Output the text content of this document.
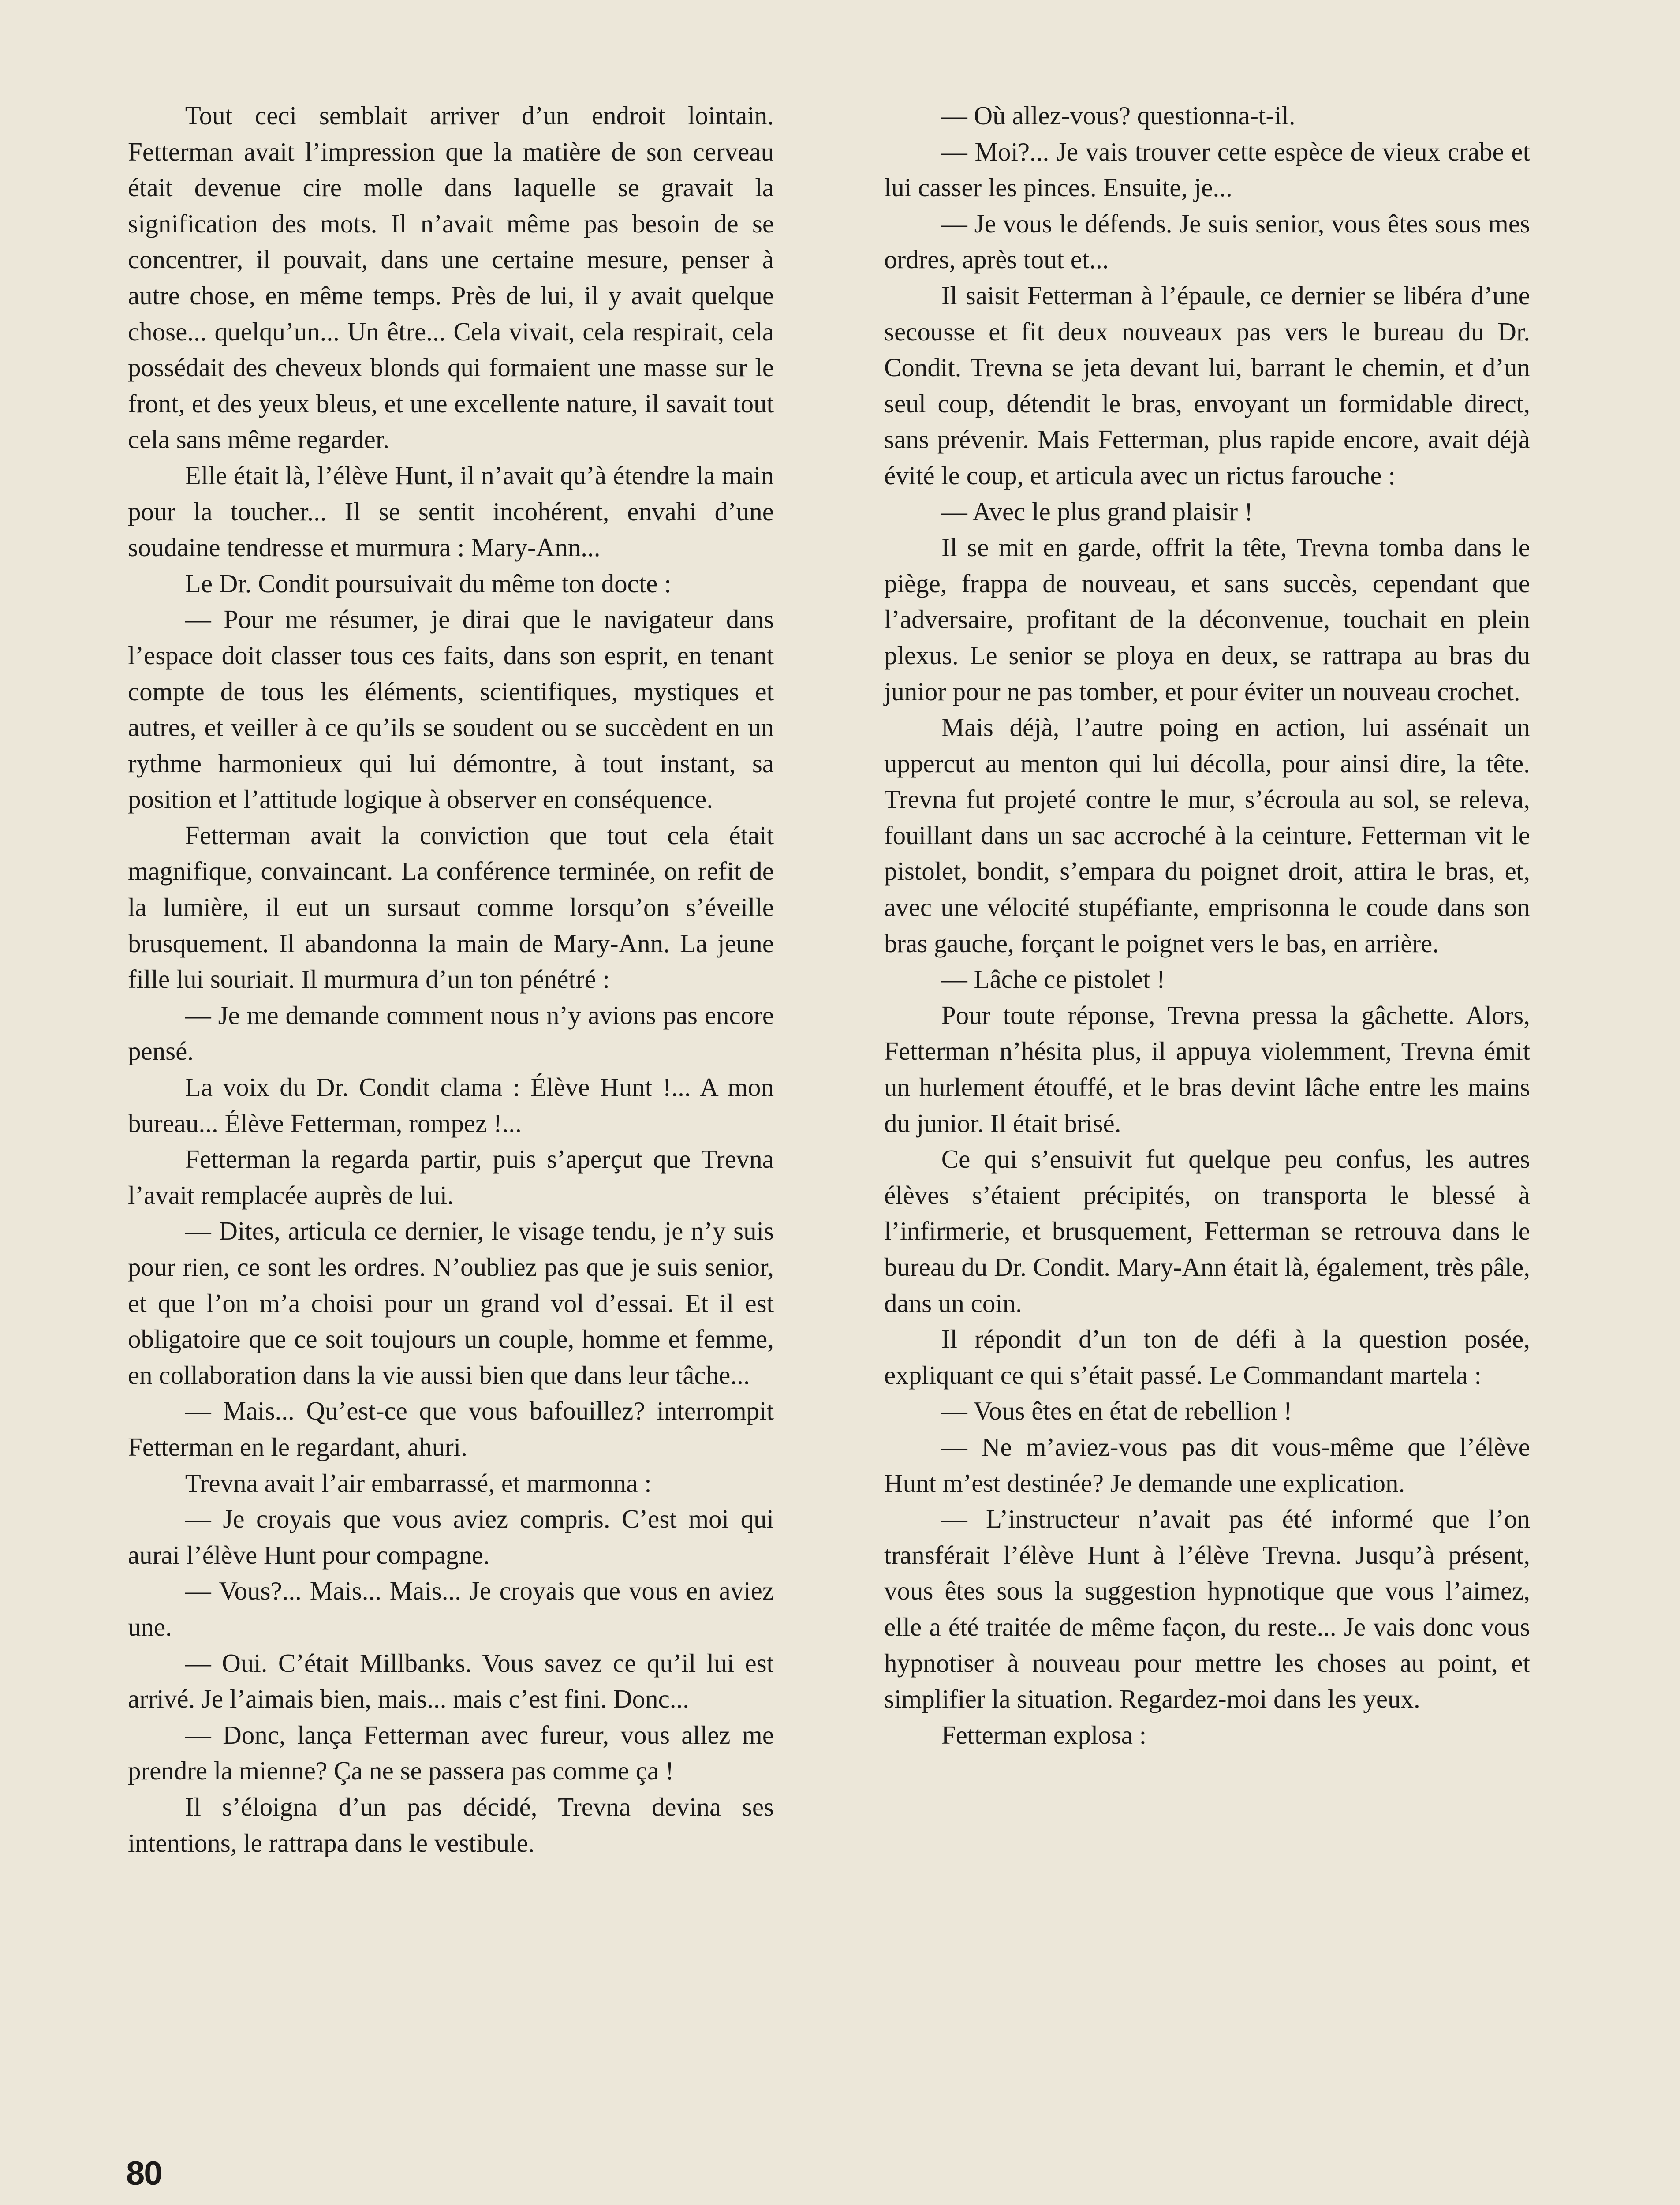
Tout ceci semblait arriver d’un endroit lointain. Fetterman avait l’impression que la matière de son cerveau était devenue cire molle dans laquelle se gravait la signification des mots. Il n’avait même pas besoin de se concentrer, il pouvait, dans une certaine mesure, penser à autre chose, en même temps. Près de lui, il y avait quelque chose... quelqu’un... Un être... Cela vivait, cela respirait, cela possédait des cheveux blonds qui formaient une masse sur le front, et des yeux bleus, et une excellente nature, il savait tout cela sans même regarder.

Elle était là, l’élève Hunt, il n’avait qu’à étendre la main pour la toucher... Il se sentit incohérent, envahi d’une soudaine tendresse et murmura : Mary-Ann...

Le Dr. Condit poursuivait du même ton docte :

— Pour me résumer, je dirai que le navigateur dans l’espace doit classer tous ces faits, dans son esprit, en tenant compte de tous les éléments, scientifiques, mystiques et autres, et veiller à ce qu’ils se soudent ou se succèdent en un rythme harmonieux qui lui démontre, à tout instant, sa position et l’attitude logique à observer en conséquence.

Fetterman avait la conviction que tout cela était magnifique, convaincant. La conférence terminée, on refit de la lumière, il eut un sursaut comme lorsqu’on s’éveille brusquement. Il abandonna la main de Mary-Ann. La jeune fille lui souriait. Il murmura d’un ton pénétré :

— Je me demande comment nous n’y avions pas encore pensé.

La voix du Dr. Condit clama : Élève Hunt !... A mon bureau... Élève Fetterman, rompez !...

Fetterman la regarda partir, puis s’aperçut que Trevna l’avait remplacée auprès de lui.

— Dites, articula ce dernier, le visage tendu, je n’y suis pour rien, ce sont les ordres. N’oubliez pas que je suis senior, et que l’on m’a choisi pour un grand vol d’essai. Et il est obligatoire que ce soit toujours un couple, homme et femme, en collaboration dans la vie aussi bien que dans leur tâche...

— Mais... Qu’est-ce que vous bafouillez? interrompit Fetterman en le regardant, ahuri.

Trevna avait l’air embarrassé, et marmonna :

— Je croyais que vous aviez compris. C’est moi qui aurai l’élève Hunt pour compagne.

— Vous?... Mais... Mais... Je croyais que vous en aviez une.

— Oui. C’était Millbanks. Vous savez ce qu’il lui est arrivé. Je l’aimais bien, mais... mais c’est fini. Donc...

— Donc, lança Fetterman avec fureur, vous allez me prendre la mienne? Ça ne se passera pas comme ça !

Il s’éloigna d’un pas décidé, Trevna devina ses intentions, le rattrapa dans le vestibule.

— Où allez-vous? questionna-t-il.

— Moi?... Je vais trouver cette espèce de vieux crabe et lui casser les pinces. Ensuite, je...

— Je vous le défends. Je suis senior, vous êtes sous mes ordres, après tout et...

Il saisit Fetterman à l’épaule, ce dernier se libéra d’une secousse et fit deux nouveaux pas vers le bureau du Dr. Condit. Trevna se jeta devant lui, barrant le chemin, et d’un seul coup, détendit le bras, envoyant un formidable direct, sans prévenir. Mais Fetterman, plus rapide encore, avait déjà évité le coup, et articula avec un rictus farouche :

— Avec le plus grand plaisir !

Il se mit en garde, offrit la tête, Trevna tomba dans le piège, frappa de nouveau, et sans succès, cependant que l’adversaire, profitant de la déconvenue, touchait en plein plexus. Le senior se ploya en deux, se rattrapa au bras du junior pour ne pas tomber, et pour éviter un nouveau crochet.

Mais déjà, l’autre poing en action, lui assénait un uppercut au menton qui lui décolla, pour ainsi dire, la tête. Trevna fut projeté contre le mur, s’écroula au sol, se releva, fouillant dans un sac accroché à la ceinture. Fetterman vit le pistolet, bondit, s’empara du poignet droit, attira le bras, et, avec une vélocité stupéfiante, emprisonna le coude dans son bras gauche, forçant le poignet vers le bas, en arrière.

— Lâche ce pistolet !

Pour toute réponse, Trevna pressa la gâchette. Alors, Fetterman n’hésita plus, il appuya violemment, Trevna émit un hurlement étouffé, et le bras devint lâche entre les mains du junior. Il était brisé.

Ce qui s’ensuivit fut quelque peu confus, les autres élèves s’étaient précipités, on transporta le blessé à l’infirmerie, et brusquement, Fetterman se retrouva dans le bureau du Dr. Condit. Mary-Ann était là, également, très pâle, dans un coin.

Il répondit d’un ton de défi à la question posée, expliquant ce qui s’était passé. Le Commandant martela :

— Vous êtes en état de rebellion !

— Ne m’aviez-vous pas dit vous-même que l’élève Hunt m’est destinée? Je demande une explication.

— L’instructeur n’avait pas été informé que l’on transférait l’élève Hunt à l’élève Trevna. Jusqu’à présent, vous êtes sous la suggestion hypnotique que vous l’aimez, elle a été traitée de même façon, du reste... Je vais donc vous hypnotiser à nouveau pour mettre les choses au point, et simplifier la situation. Regardez-moi dans les yeux.

Fetterman explosa :

80
